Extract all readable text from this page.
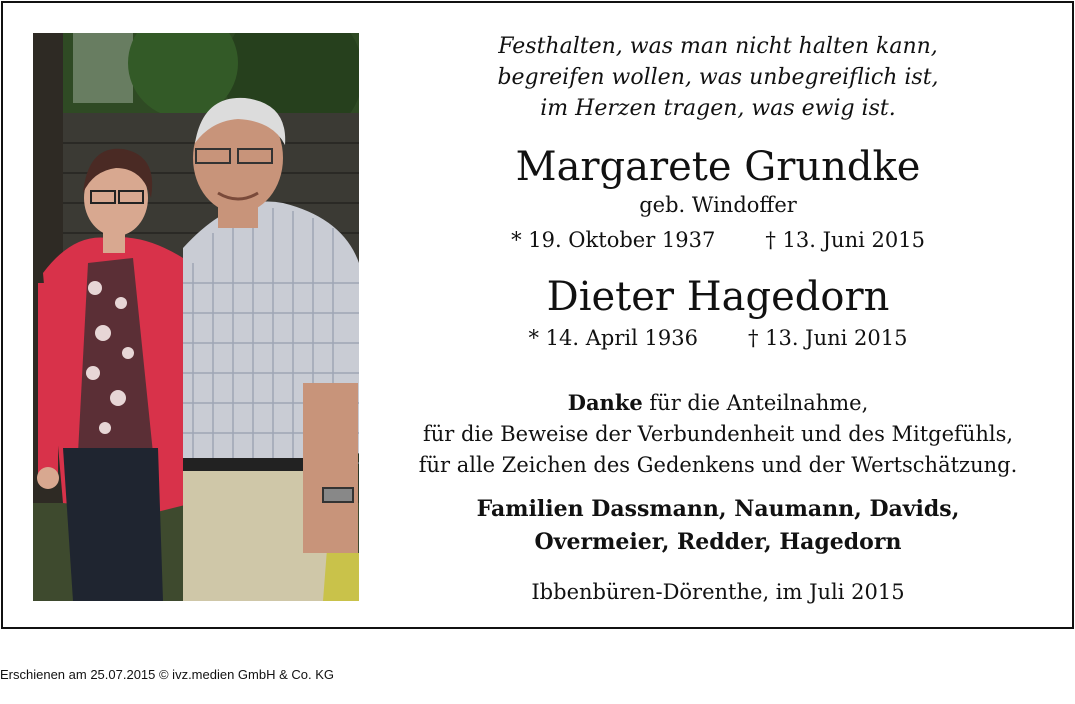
Festhalten, was man nicht halten kann,
begreifen wollen, was unbegreiflich ist,
im Herzen tragen, was ewig ist.
Margarete Grundke
geb. Windoffer
* 19. Oktober 1937 † 13. Juni 2015
Dieter Hagedorn
* 14. April 1936 † 13. Juni 2015
Danke für die Anteilnahme,
für die Beweise der Verbundenheit und des Mitgefühls,
für alle Zeichen des Gedenkens und der Wertschätzung.
Familien Dassmann, Naumann, Davids,
Overmeier, Redder, Hagedorn
Ibbenbüren-Dörenthe, im Juli 2015
Erschienen am 25.07.2015 © ivz.medien GmbH & Co. KG
